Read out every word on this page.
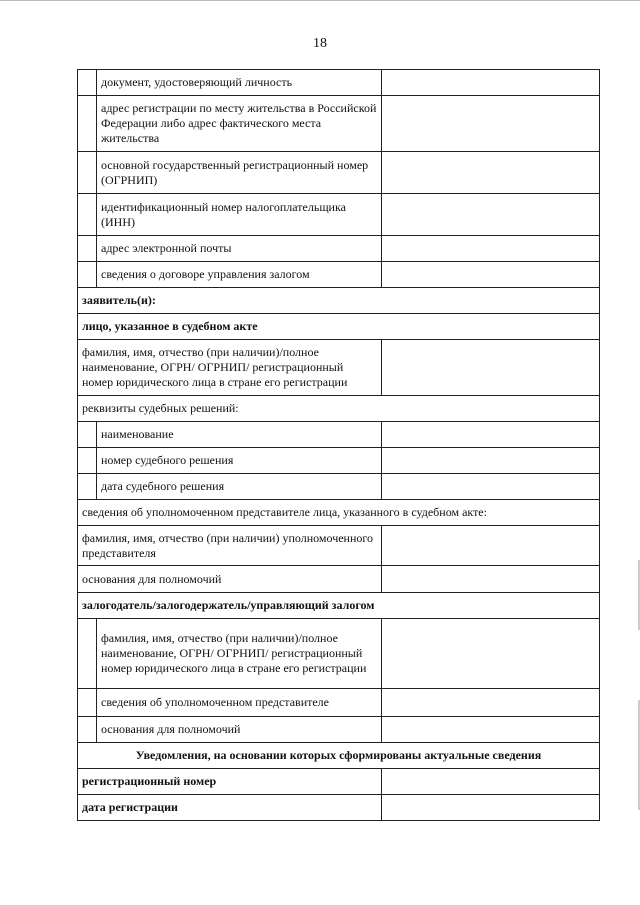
18
	документ, удостоверяющий личность	
	адрес регистрации по месту жительства в Российской Федерации либо адрес фактического места жительства	
	основной государственный регистрационный номер (ОГРНИП)	
	идентификационный номер налогоплательщика (ИНН)	
	адрес электронной почты	
	сведения о договоре управления залогом	
заявитель(и):		
лицо, указанное в судебном акте		
фамилия, имя, отчество (при наличии)/полное наименование, ОГРН/ ОГРНИП/ регистрационный номер юридического лица в стране его регистрации		
реквизиты судебных решений:		
	наименование	
	номер судебного решения	
	дата судебного решения	
сведения об уполномоченном представителе лица, указанного в судебном акте:		
фамилия, имя, отчество (при наличии) уполномоченного представителя		
основания для полномочий		
залогодатель/залогодержатель/управляющий залогом		
	фамилия, имя, отчество (при наличии)/полное наименование, ОГРН/ ОГРНИП/ регистрационный номер юридического лица в стране его регистрации	
	сведения об уполномоченном представителе	
	основания для полномочий	
Уведомления, на основании которых сформированы актуальные сведения		
регистрационный номер		
дата регистрации		
